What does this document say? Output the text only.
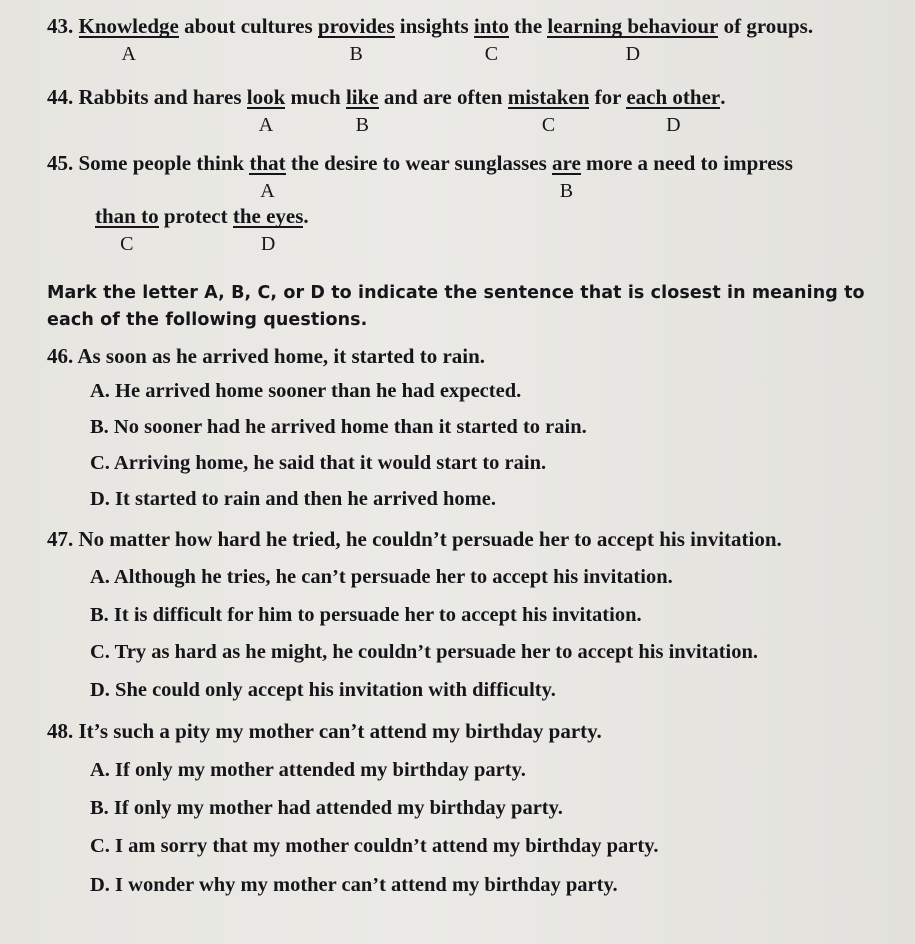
43. Knowledge
A
about cultures provides
B
insights into
C
the learning behaviour
D
of groups.
44. Rabbits and hares look
A
much like
B
and are often mistaken
C
for each other
D
.
45. Some people think that
A
the desire to wear sunglasses are
B
more a need to impress
than to
C
protect the eyes
D
.
Mark the letter A, B, C, or D to indicate the sentence that is closest in meaning to
each of the following questions.
46. As soon as he arrived home, it started to rain.
A. He arrived home sooner than he had expected.
B. No sooner had he arrived home than it started to rain.
C. Arriving home, he said that it would start to rain.
D. It started to rain and then he arrived home.
47. No matter how hard he tried, he couldn’t persuade her to accept his invitation.
A. Although he tries, he can’t persuade her to accept his invitation.
B. It is difficult for him to persuade her to accept his invitation.
C. Try as hard as he might, he couldn’t persuade her to accept his invitation.
D. She could only accept his invitation with difficulty.
48. It’s such a pity my mother can’t attend my birthday party.
A. If only my mother attended my birthday party.
B. If only my mother had attended my birthday party.
C. I am sorry that my mother couldn’t attend my birthday party.
D. I wonder why my mother can’t attend my birthday party.
